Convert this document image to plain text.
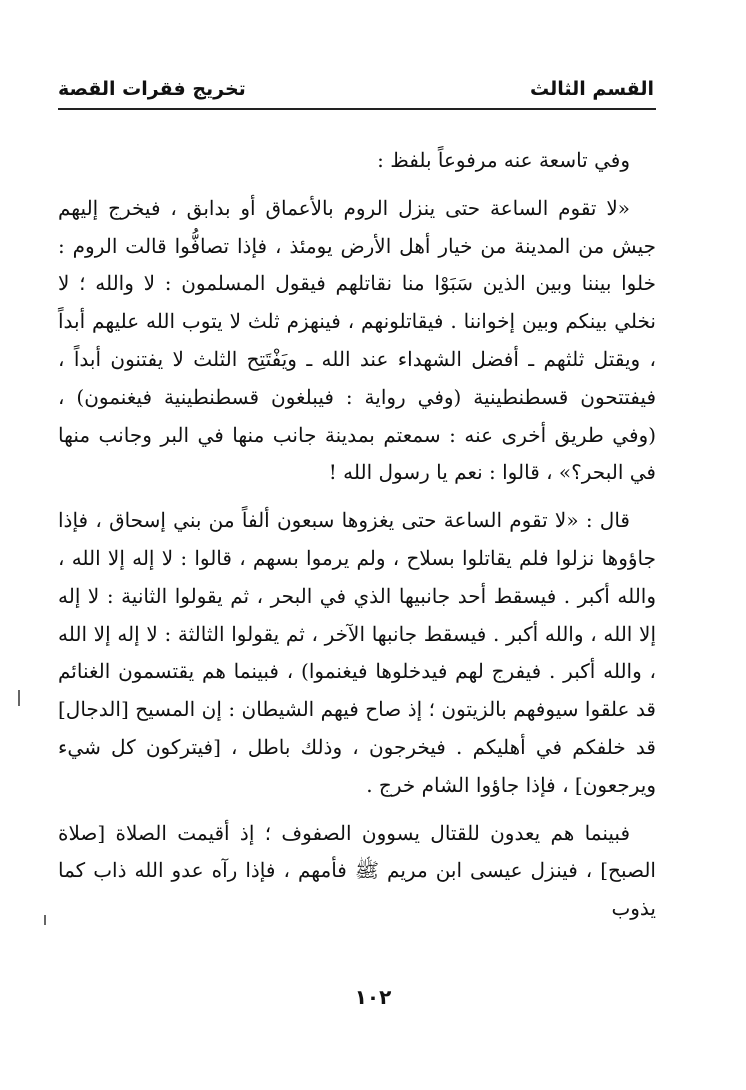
القسم الثالث
تخريج فقرات القصة

وفي تاسعة عنه مرفوعاً بلفظ :

«لا تقوم الساعة حتى ينزل الروم بالأعماق أو بدابق ، فيخرج إليهم جيش من المدينة من خيار أهل الأرض يومئذ ، فإذا تصافُّوا قالت الروم : خلوا بيننا وبين الذين سَبَوْا منا نقاتلهم فيقول المسلمون : لا والله ؛ لا نخلي بينكم وبين إخواننا . فيقاتلونهم ، فينهزم ثلث لا يتوب الله عليهم أبداً ، ويقتل ثلثهم ـ أفضل الشهداء عند الله ـ ويَفْتَتِح الثلث لا يفتنون أبداً ، فيفتتحون قسطنطينية (وفي رواية : فيبلغون قسطنطينية فيغنمون) ، (وفي طريق أخرى عنه : سمعتم بمدينة جانب منها في البر وجانب منها في البحر؟» ، قالوا : نعم يا رسول الله !

قال : «لا تقوم الساعة حتى يغزوها سبعون ألفاً من بني إسحاق ، فإذا جاؤوها نزلوا فلم يقاتلوا بسلاح ، ولم يرموا بسهم ، قالوا : لا إله إلا الله ، والله أكبر . فيسقط أحد جانبيها الذي في البحر ، ثم يقولوا الثانية : لا إله إلا الله ، والله أكبر . فيسقط جانبها الآخر ، ثم يقولوا الثالثة : لا إله إلا الله ، والله أكبر . فيفرج لهم فيدخلوها فيغنموا) ، فبينما هم يقتسمون الغنائم قد علقوا سيوفهم بالزيتون ؛ إذ صاح فيهم الشيطان : إن المسيح [الدجال] قد خلفكم في أهليكم . فيخرجون ، وذلك باطل ، [فيتركون كل شيء ويرجعون] ، فإذا جاؤوا الشام خرج .

فبينما هم يعدون للقتال يسوون الصفوف ؛ إذ أقيمت الصلاة [صلاة الصبح] ، فينزل عيسى ابن مريم ﷺ فأمهم ، فإذا رآه عدو الله ذاب كما يذوب

١٠٢
